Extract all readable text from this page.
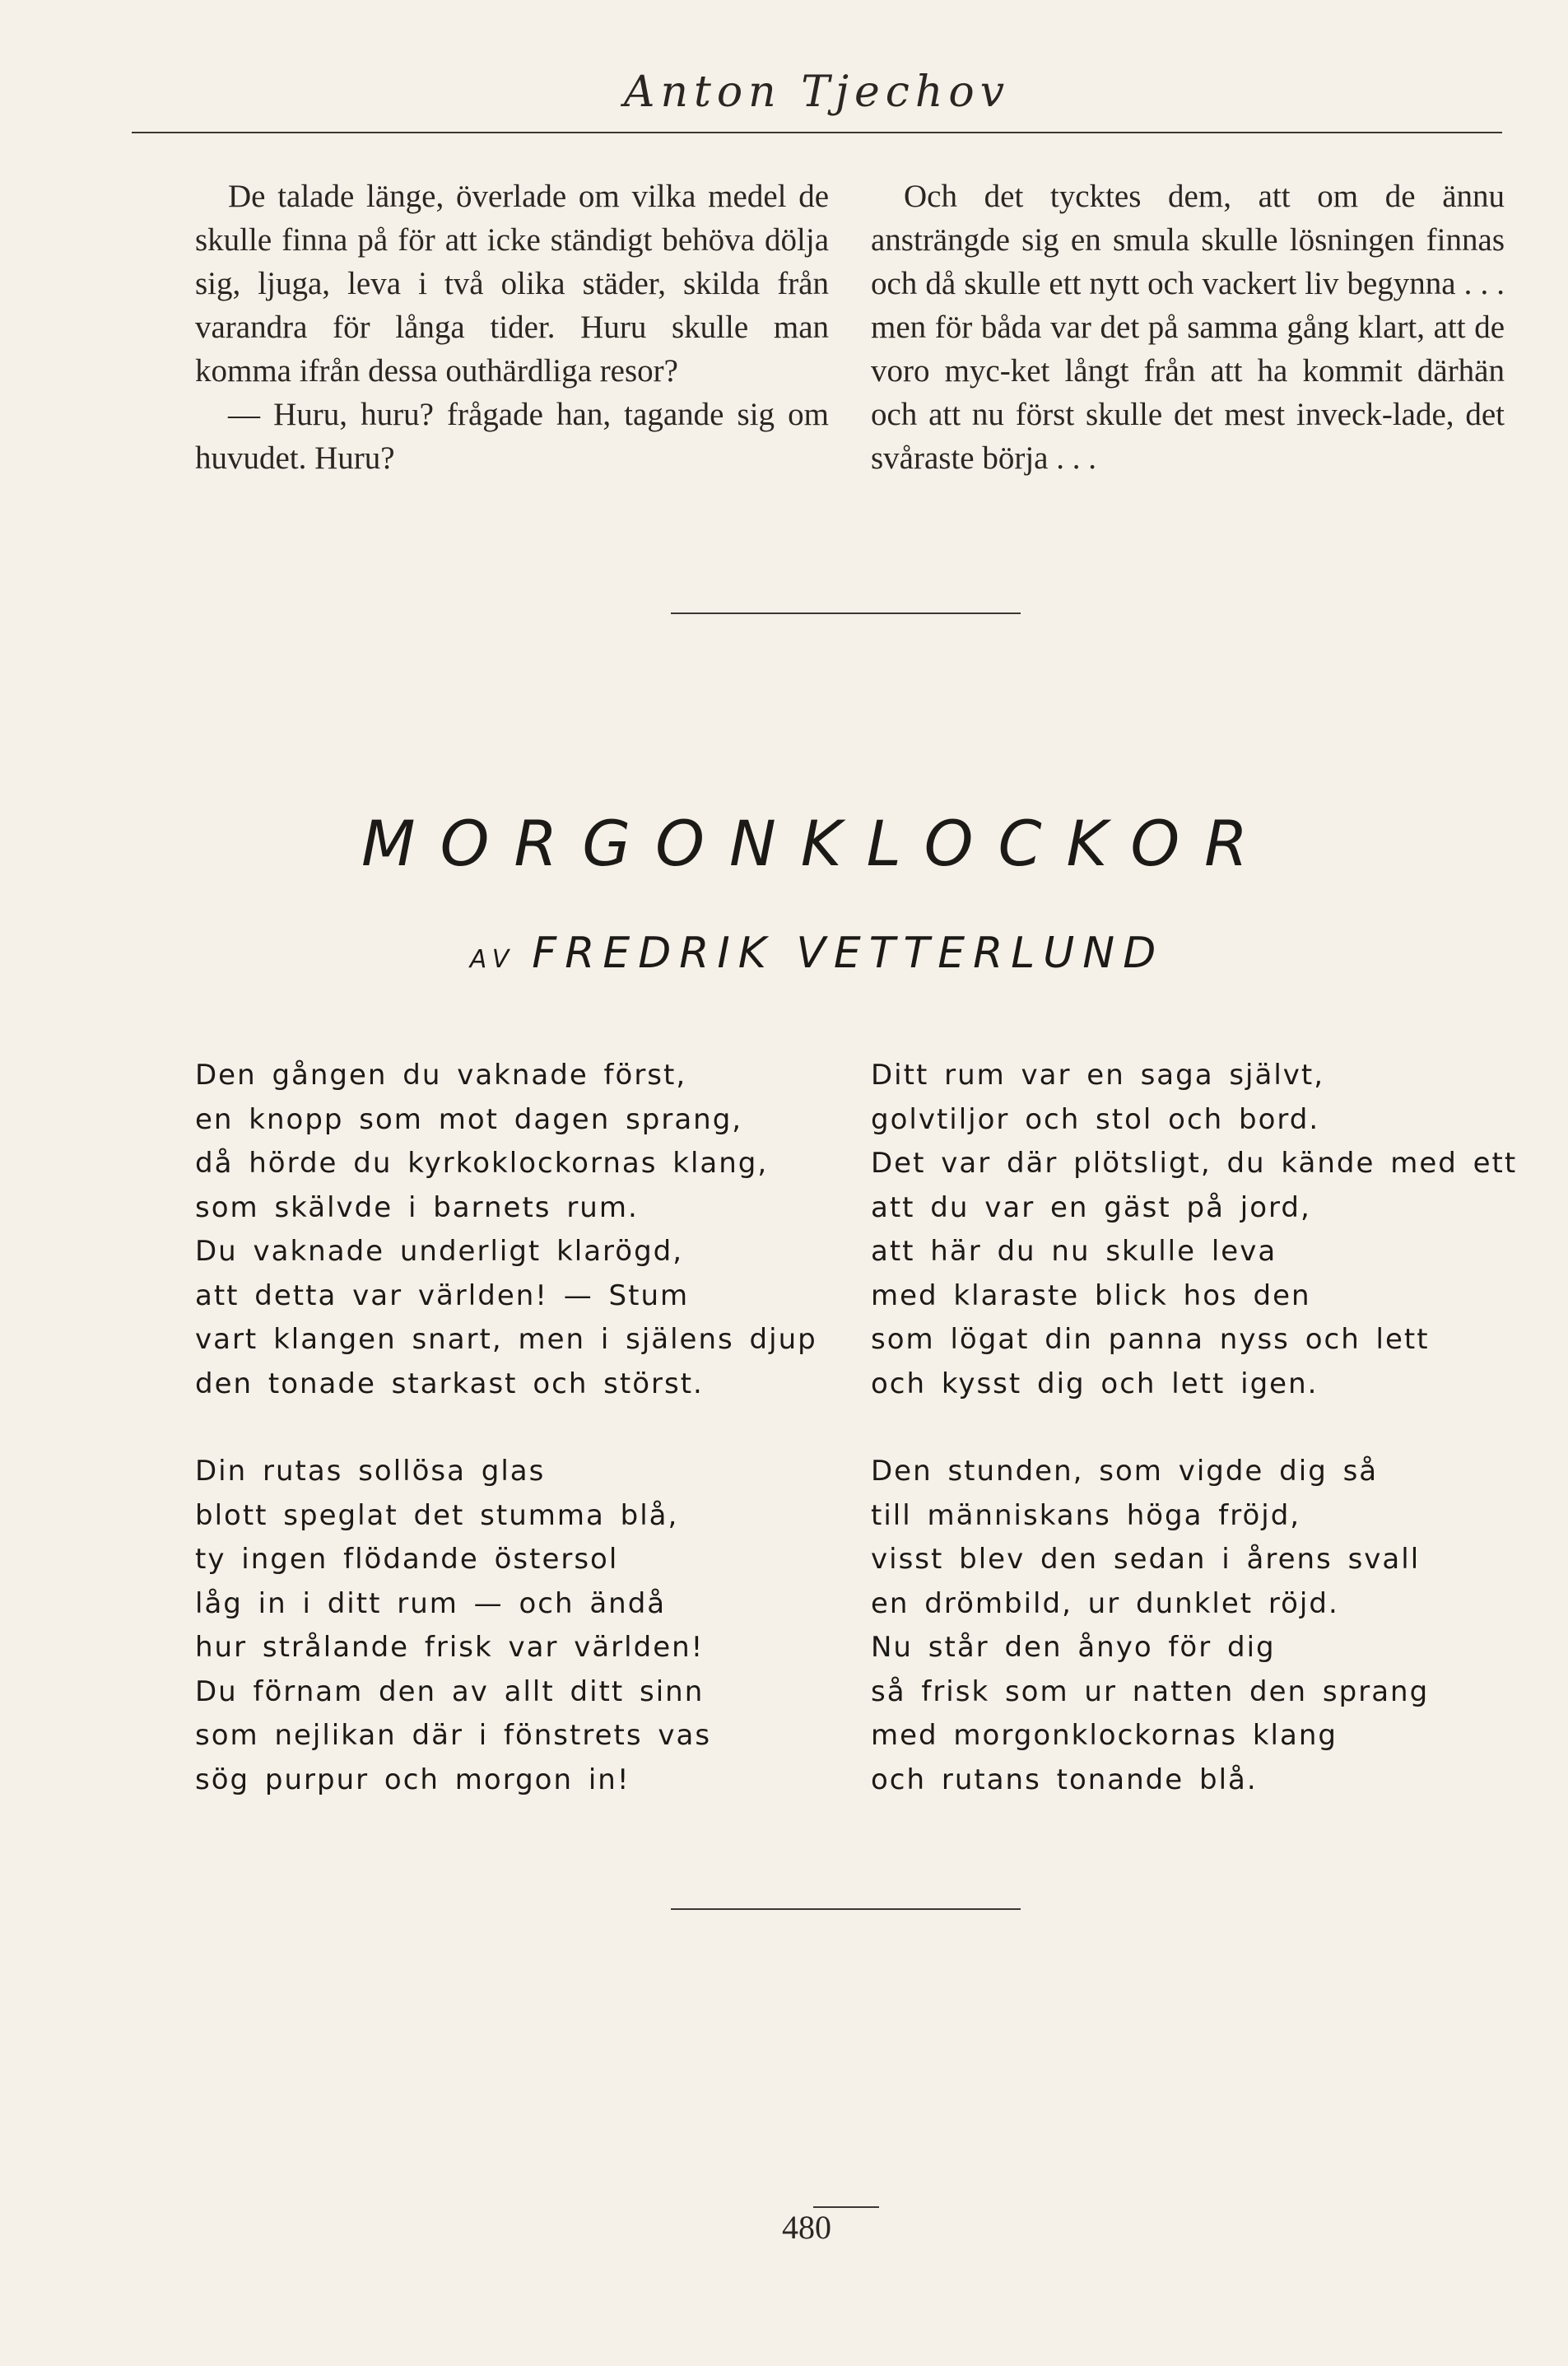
Anton Tjechov

De talade länge, överlade om vilka medel de skulle finna på för att icke ständigt behöva dölja sig, ljuga, leva i två olika städer, skilda från varandra för långa tider. Huru skulle man komma ifrån dessa outhärdliga resor?

— Huru, huru? frågade han, tagande sig om huvudet. Huru?

Och det tycktes dem, att om de ännu ansträngde sig en smula skulle lösningen finnas och då skulle ett nytt och vackert liv begynna . . . men för båda var det på samma gång klart, att de voro myc-ket långt från att ha kommit därhän och att nu först skulle det mest inveck-lade, det svåraste börja . . .

MORGONKLOCKOR
AV FREDRIK VETTERLUND
Den gången du vaknade först,
en knopp som mot dagen sprang,
då hörde du kyrkoklockornas klang,
som skälvde i barnets rum.
Du vaknade underligt klarögd,
att detta var världen! — Stum
vart klangen snart, men i själens djup
den tonade starkast och störst.
Din rutas sollösa glas
blott speglat det stumma blå,
ty ingen flödande östersol
låg in i ditt rum — och ändå
hur strålande frisk var världen!
Du förnam den av allt ditt sinn
som nejlikan där i fönstrets vas
sög purpur och morgon in!
Ditt rum var en saga självt,
golvtiljor och stol och bord.
Det var där plötsligt, du kände med ett
att du var en gäst på jord,
att här du nu skulle leva
med klaraste blick hos den
som lögat din panna nyss och lett
och kysst dig och lett igen.
Den stunden, som vigde dig så
till människans höga fröjd,
visst blev den sedan i årens svall
en drömbild, ur dunklet röjd.
Nu står den ånyo för dig
så frisk som ur natten den sprang
med morgonklockornas klang
och rutans tonande blå.
480
